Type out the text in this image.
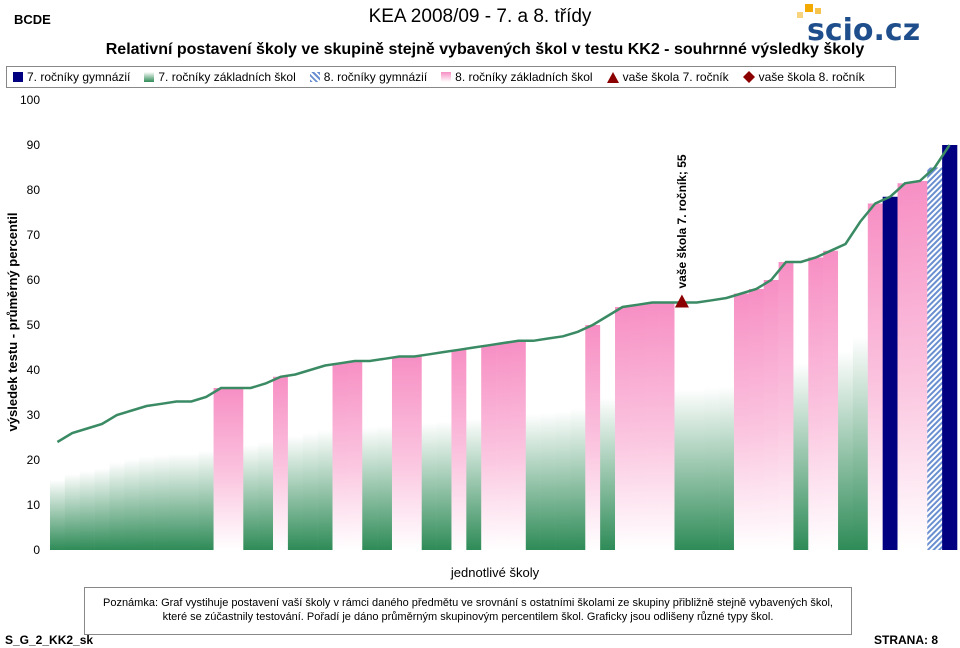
BCDE	KEA 2008/09 - 7. a 8. třídy	scio.cz
Relativní postavení školy ve skupině stejně vybavených škol v testu KK2 - souhrnné výsledky školy
7. ročníky gymnázií 7. ročníky základních škol 8. ročníky gymnázií 8. ročníky základních škol	vaše škola 7. ročník	vaše škola 8. ročník
výsledek testu - průměrný percentil
0
10
20
30
40
50
60
70
80
90
100
vaše škola 7. ročník; 55
jednotlivé školy
Poznámka: Graf vystihuje postavení vaší školy v rámci daného předmětu ve srovnání s ostatními školami ze skupiny přibližně stejně vybavených škol,
které se zúčastnily testování. Pořadí je dáno průměrným skupinovým percentilem škol. Graficky jsou odlišeny různé typy škol.
S_G_2_KK2_sk	STRANA: 8
